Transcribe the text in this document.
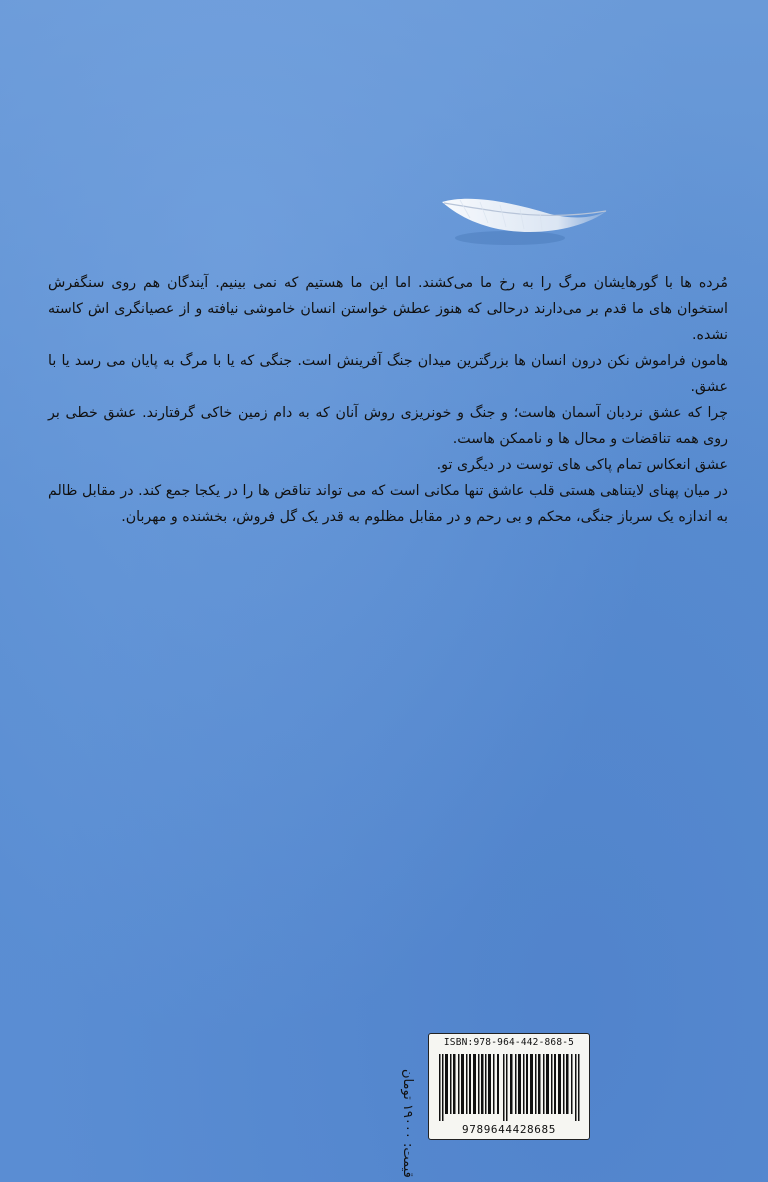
مُرده ها با گورهایشان مرگ را به رخ ما می‌کشند. اما این ما هستیم که نمی بینیم. آیندگان هم روی سنگفرش استخوان های ما قدم بر می‌دارند درحالی که هنوز عطش خواستن انسان خاموشی نیافته و از عصیانگری اش کاسته نشده.

هامون فراموش نکن درون انسان ها بزرگترین میدان جنگ آفرینش است. جنگی که یا با مرگ به پایان می رسد یا با عشق.

چرا که عشق نردبان آسمان هاست؛ و جنگ و خونریزی روش آنان که به دام زمین خاکی گرفتارند. عشق خطی بر روی همه تناقضات و محال ها و ناممکن هاست.

عشق انعکاس تمام پاکی های توست در دیگری تو.

در میان پهنای لایتناهی هستی قلب عاشق تنها مکانی است که می تواند تناقض ها را در یکجا جمع کند. در مقابل ظالم به اندازه یک سرباز جنگی، محکم و بی رحم و در مقابل مظلوم به قدر یک گل فروش، بخشنده و مهربان.

قیمت: ۱۹۰۰۰ تومان
ISBN:978-964-442-868-5
9789644428685
